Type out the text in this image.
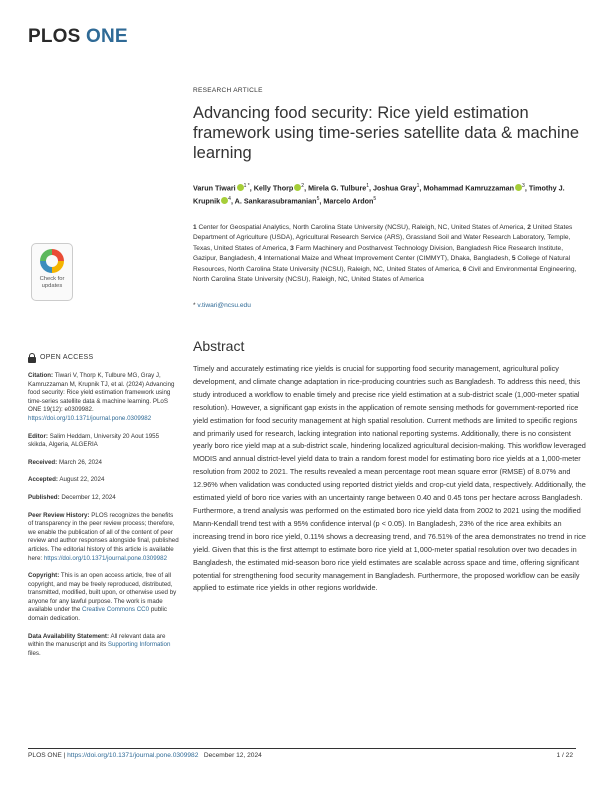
PLOS ONE
RESEARCH ARTICLE
Advancing food security: Rice yield estimation framework using time-series satellite data & machine learning
Varun Tiwari $^{1 *}$, Kelly Thorp $^2$, Mirela G. Tulbure$^1$, Joshua Gray$^1$, Mohammad Kamruzzaman $^3$, Timothy J. Krupnik $^4$, A. Sankarasubramanian$^5$, Marcelo Ardon$^5$
1 Center for Geospatial Analytics, North Carolina State University (NCSU), Raleigh, NC, United States of America, 2 United States Department of Agriculture (USDA), Agricultural Research Service (ARS), Grassland Soil and Water Research Laboratory, Temple, Texas, United States of America, 3 Farm Machinery and Postharvest Technology Division, Bangladesh Rice Research Institute, Gazipur, Bangladesh, 4 International Maize and Wheat Improvement Center (CIMMYT), Dhaka, Bangladesh, 5 College of Natural Resources, North Carolina State University (NCSU), Raleigh, NC, United States of America, 6 Civil and Environmental Engineering, North Carolina State University (NCSU), Raleigh, NC, United States of America
* v.tiwari@ncsu.edu
Check for
updates
OPEN ACCESS

Citation: Tiwari V, Thorp K, Tulbure MG, Gray J, Kamruzzaman M, Krupnik TJ, et al. (2024) Advancing food security: Rice yield estimation framework using time-series satellite data & machine learning. PLoS ONE 19(12): e0309982. https://doi.org/10.1371/journal.pone.0309982

Editor: Salim Heddam, University 20 Aout 1955 skikda, Algeria, ALGERIA

Received: March 26, 2024

Accepted: August 22, 2024

Published: December 12, 2024

Peer Review History: PLOS recognizes the benefits of transparency in the peer review process; therefore, we enable the publication of all of the content of peer review and author responses alongside final, published articles. The editorial history of this article is available here: https://doi.org/10.1371/journal.pone.0309982

Copyright: This is an open access article, free of all copyright, and may be freely reproduced, distributed, transmitted, modified, built upon, or otherwise used by anyone for any lawful purpose. The work is made available under the Creative Commons CC0 public domain dedication.

Data Availability Statement: All relevant data are within the manuscript and its Supporting Information files.

Abstract
Timely and accurately estimating rice yields is crucial for supporting food security management, agricultural policy development, and climate change adaptation in rice-producing countries such as Bangladesh. To address this need, this study introduced a workflow to enable timely and precise rice yield estimation at a sub-district scale (1,000-meter spatial resolution). However, a significant gap exists in the application of remote sensing methods for government-reported rice yield estimation for food security management at high spatial resolution. Current methods are limited to specific regions and primarily used for research, lacking integration into national reporting systems. Additionally, there is no consistent yearly boro rice yield map at a sub-district scale, hindering localized agricultural decision-making. This workflow leveraged MODIS and annual district-level yield data to train a random forest model for estimating boro rice yields at a 1,000-meter resolution from 2002 to 2021. The results revealed a mean percentage root mean square error (RMSE) of 8.07% and 12.96% when validation was conducted using reported district yields and crop-cut yield data, respectively. Additionally, the estimated yield of boro rice varies with an uncertainty range between 0.40 and 0.45 tons per hectare across Bangladesh. Furthermore, a trend analysis was performed on the estimated boro rice yield data from 2002 to 2021 using the modified Mann-Kendall trend test with a 95% confidence interval (p < 0.05). In Bangladesh, 23% of the rice area exhibits an increasing trend in boro rice yield, 0.11% shows a decreasing trend, and 76.51% of the area demonstrates no trend in rice yield. Given that this is the first attempt to estimate boro rice yield at 1,000-meter spatial resolution over two decades in Bangladesh, the estimated mid-season boro rice yield estimates are scalable across space and time, offering significant potential for strengthening food security management in Bangladesh. Furthermore, the proposed workflow can be easily applied to estimate rice yields in other regions worldwide.
PLOS ONE | https://doi.org/10.1371/journal.pone.0309982 December 12, 2024	1 / 22
